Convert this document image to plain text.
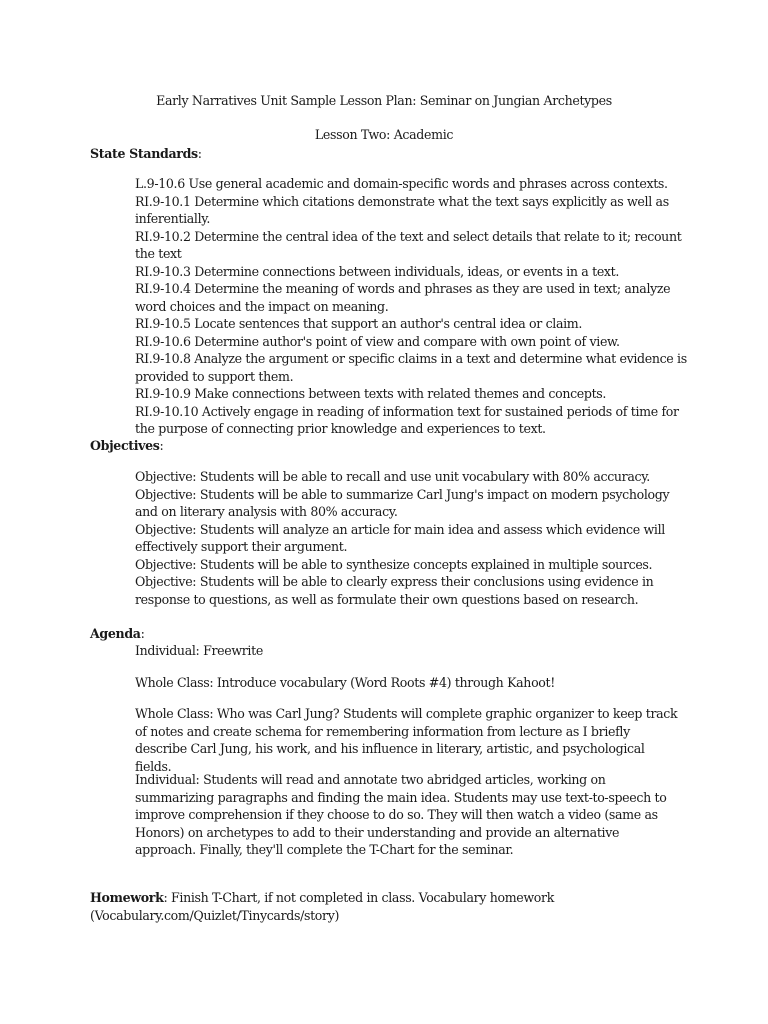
Early Narratives Unit Sample Lesson Plan: Seminar on Jungian Archetypes
Lesson Two: Academic
State Standards:
L.9-10.6 Use general academic and domain-specific words and phrases across contexts.
RI.9-10.1 Determine which citations demonstrate what the text says explicitly as well as inferentially.
RI.9-10.2 Determine the central idea of the text and select details that relate to it; recount the text
RI.9-10.3 Determine connections between individuals, ideas, or events in a text.
RI.9-10.4 Determine the meaning of words and phrases as they are used in text; analyze word choices and the impact on meaning.
RI.9-10.5 Locate sentences that support an author's central idea or claim.
RI.9-10.6 Determine author's point of view and compare with own point of view.
RI.9-10.8 Analyze the argument or specific claims in a text and determine what evidence is provided to support them.
RI.9-10.9 Make connections between texts with related themes and concepts.
RI.9-10.10 Actively engage in reading of information text for sustained periods of time for the purpose of connecting prior knowledge and experiences to text.
Objectives:
Objective: Students will be able to recall and use unit vocabulary with 80% accuracy.
Objective: Students will be able to summarize Carl Jung's impact on modern psychology and on literary analysis with 80% accuracy.
Objective: Students will analyze an article for main idea and assess which evidence will effectively support their argument.
Objective: Students will be able to synthesize concepts explained in multiple sources.
Objective: Students will be able to clearly express their conclusions using evidence in response to questions, as well as formulate their own questions based on research.
Agenda:
Individual: Freewrite
Whole Class: Introduce vocabulary (Word Roots #4) through Kahoot!
Whole Class: Who was Carl Jung? Students will complete graphic organizer to keep track of notes and create schema for remembering information from lecture as I briefly describe Carl Jung, his work, and his influence in literary, artistic, and psychological fields.
Individual: Students will read and annotate two abridged articles, working on summarizing paragraphs and finding the main idea. Students may use text-to-speech to improve comprehension if they choose to do so. They will then watch a video (same as Honors) on archetypes to add to their understanding and provide an alternative approach. Finally, they'll complete the T-Chart for the seminar.
Homework: Finish T-Chart, if not completed in class. Vocabulary homework (Vocabulary.com/Quizlet/Tinycards/story)
